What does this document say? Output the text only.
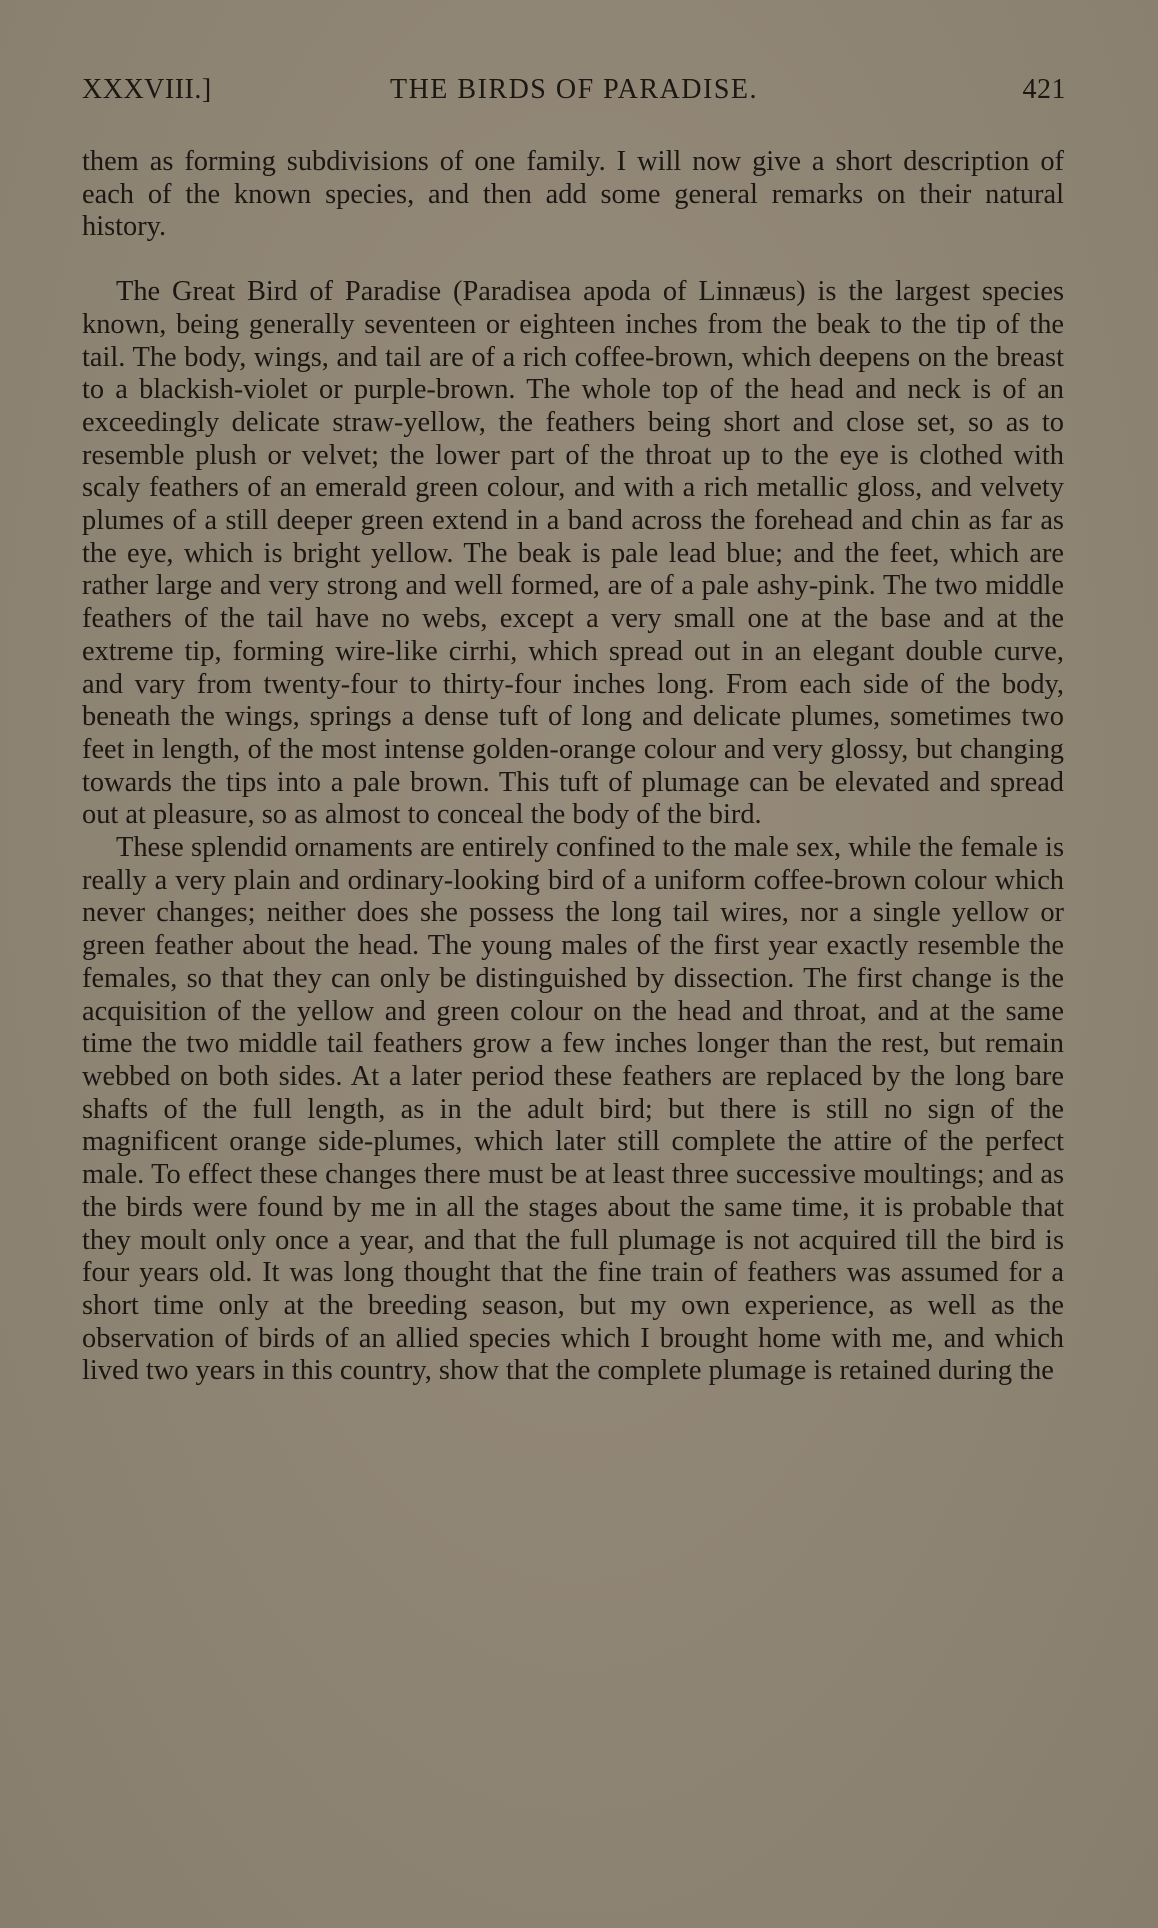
XXXVIII.]	THE BIRDS OF PARADISE.	421

them as forming subdivisions of one family. I will now give a short description of each of the known species, and then add some general remarks on their natural history.

The Great Bird of Paradise (Paradisea apoda of Linnæus) is the largest species known, being generally seventeen or eighteen inches from the beak to the tip of the tail. The body, wings, and tail are of a rich coffee-brown, which deepens on the breast to a blackish-violet or purple-brown. The whole top of the head and neck is of an exceedingly delicate straw-yellow, the feathers being short and close set, so as to resemble plush or velvet; the lower part of the throat up to the eye is clothed with scaly feathers of an emerald green colour, and with a rich metallic gloss, and velvety plumes of a still deeper green extend in a band across the forehead and chin as far as the eye, which is bright yellow. The beak is pale lead blue; and the feet, which are rather large and very strong and well formed, are of a pale ashy-pink. The two middle feathers of the tail have no webs, except a very small one at the base and at the extreme tip, forming wire-like cirrhi, which spread out in an elegant double curve, and vary from twenty-four to thirty-four inches long. From each side of the body, beneath the wings, springs a dense tuft of long and delicate plumes, sometimes two feet in length, of the most intense golden-orange colour and very glossy, but changing towards the tips into a pale brown. This tuft of plumage can be elevated and spread out at pleasure, so as almost to conceal the body of the bird.

These splendid ornaments are entirely confined to the male sex, while the female is really a very plain and ordinary-looking bird of a uniform coffee-brown colour which never changes; neither does she possess the long tail wires, nor a single yellow or green feather about the head. The young males of the first year exactly resemble the females, so that they can only be distinguished by dissection. The first change is the acquisition of the yellow and green colour on the head and throat, and at the same time the two middle tail feathers grow a few inches longer than the rest, but remain webbed on both sides. At a later period these feathers are replaced by the long bare shafts of the full length, as in the adult bird; but there is still no sign of the magnificent orange side-plumes, which later still complete the attire of the perfect male. To effect these changes there must be at least three successive moultings; and as the birds were found by me in all the stages about the same time, it is probable that they moult only once a year, and that the full plumage is not acquired till the bird is four years old. It was long thought that the fine train of feathers was assumed for a short time only at the breeding season, but my own experience, as well as the observation of birds of an allied species which I brought home with me, and which lived two years in this country, show that the complete plumage is retained during the
